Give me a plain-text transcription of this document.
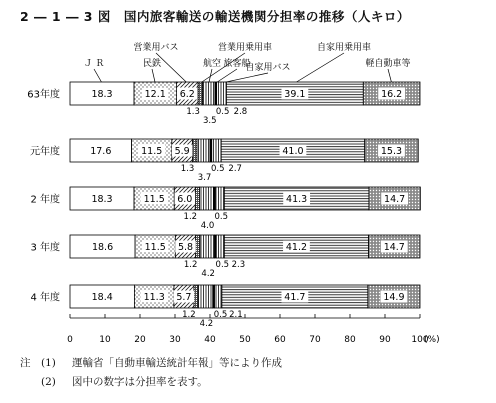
2 ― 1 ― 3 図　国内旅客輸送の輸送機関分担率の推移（人キロ）
Ｊ Ｒ	民鉄
営業用バス	営業用乗用車
航空 旅客船
自家用バス
自家用乗用車
軽自動車等
63年度	18.3	12.1 6.2	39.1	16.2
1.3
3.5
0.5 2.8
元年度	17.6	11.5 5.9	41.0	15.3
1.3
3.7
0.5 2.7
2 年度	18.3	11.5 6.0	41.3	14.7
1.2
4.0
0.5
3 年度	18.6	11.5 5.8	41.2	14.7
1.2
4.2
0.5 2.3
4 年度	18.4	11.3 5.7	41.7	14.9
1.2
4.2
0.5 2.1
0	10	20	30	40	50	60	70	80	90 100
(%)
注　(1) 運輸省「自動車輸送統計年報」等により作成
　　(2) 図中の数字は分担率を表す。
